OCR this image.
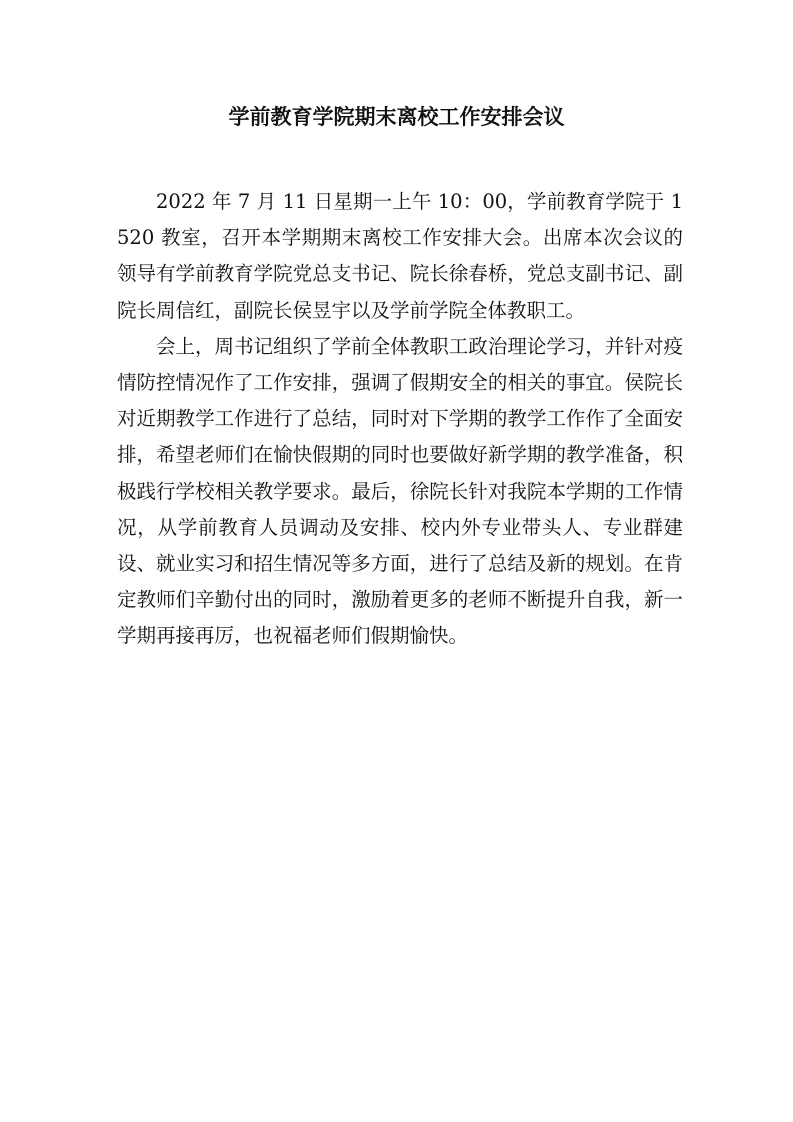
学前教育学院期末离校工作安排会议

2022 年 7 月 11 日星期一上午 10：00，学前教育学院于 1520 教室，召开本学期期末离校工作安排大会。出席本次会议的领导有学前教育学院党总支书记、院长徐春桥，党总支副书记、副院长周信红，副院长侯昱宇以及学前学院全体教职工。

会上，周书记组织了学前全体教职工政治理论学习，并针对疫情防控情况作了工作安排，强调了假期安全的相关的事宜。侯院长对近期教学工作进行了总结，同时对下学期的教学工作作了全面安排，希望老师们在愉快假期的同时也要做好新学期的教学准备，积极践行学校相关教学要求。最后，徐院长针对我院本学期的工作情况，从学前教育人员调动及安排、校内外专业带头人、专业群建设、就业实习和招生情况等多方面，进行了总结及新的规划。在肯定教师们辛勤付出的同时，激励着更多的老师不断提升自我，新一学期再接再厉，也祝福老师们假期愉快。
